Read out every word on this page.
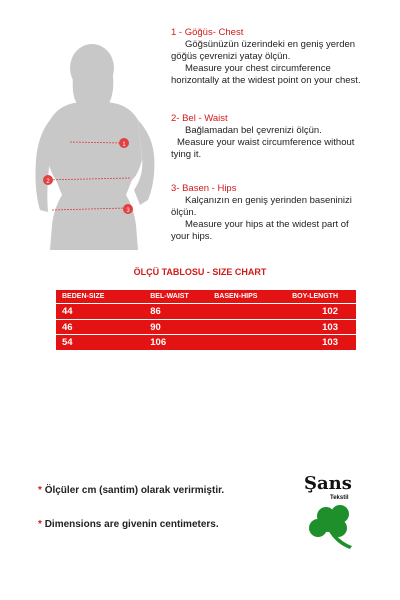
1
2
3
1 - Göğüs- Chest
Göğsünüzün üzerindeki en geniş yerden
göğüs çevrenizi yatay ölçün.
Measure your chest circumference
horizontally at the widest point on your chest.
2- Bel - Waist
Bağlamadan bel çevrenizi ölçün.
Measure your waist circumference without
tying it.
3- Basen - Hips
Kalçanızın en geniş yerinden baseninizi
ölçün.
Measure your hips at the widest part of
your hips.
ÖLÇÜ TABLOSU - SIZE CHART
BEDEN-SIZE	BEL-WAIST	BASEN-HIPS	BOY-LENGTH
44	86		102
46	90		103
54	106		103
* Ölçüler cm (santim) olarak verirmiştir.
* Dimensions are givenin centimeters.
Şans
Tekstil
